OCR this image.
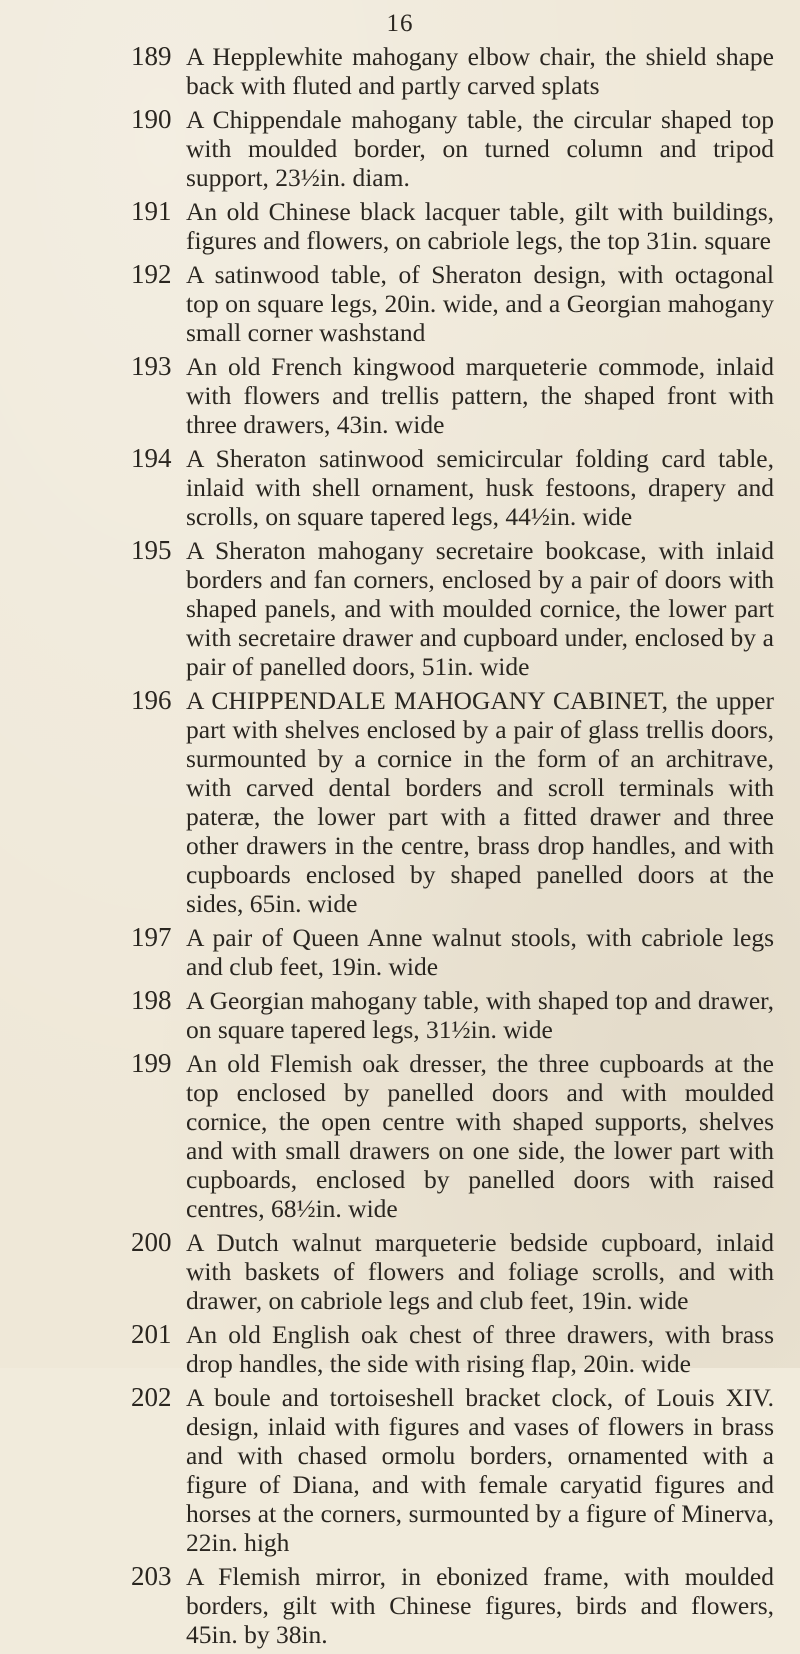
16
189 A Hepplewhite mahogany elbow chair, the shield shape back with fluted and partly carved splats
190 A Chippendale mahogany table, the circular shaped top with moulded border, on turned column and tripod support, 23½in. diam.
191 An old Chinese black lacquer table, gilt with buildings, figures and flowers, on cabriole legs, the top 31in. square
192 A satinwood table, of Sheraton design, with octagonal top on square legs, 20in. wide, and a Georgian mahogany small corner washstand
193 An old French kingwood marqueterie commode, inlaid with flowers and trellis pattern, the shaped front with three drawers, 43in. wide
194 A Sheraton satinwood semicircular folding card table, inlaid with shell ornament, husk festoons, drapery and scrolls, on square tapered legs, 44½in. wide
195 A Sheraton mahogany secretaire bookcase, with inlaid borders and fan corners, enclosed by a pair of doors with shaped panels, and with moulded cornice, the lower part with secretaire drawer and cupboard under, enclosed by a pair of panelled doors, 51in. wide
196 A CHIPPENDALE MAHOGANY CABINET, the upper part with shelves enclosed by a pair of glass trellis doors, surmounted by a cornice in the form of an architrave, with carved dental borders and scroll terminals with pateræ, the lower part with a fitted drawer and three other drawers in the centre, brass drop handles, and with cupboards enclosed by shaped panelled doors at the sides, 65in. wide
197 A pair of Queen Anne walnut stools, with cabriole legs and club feet, 19in. wide
198 A Georgian mahogany table, with shaped top and drawer, on square tapered legs, 31½in. wide
199 An old Flemish oak dresser, the three cupboards at the top enclosed by panelled doors and with moulded cornice, the open centre with shaped supports, shelves and with small drawers on one side, the lower part with cupboards, enclosed by panelled doors with raised centres, 68½in. wide
200 A Dutch walnut marqueterie bedside cupboard, inlaid with baskets of flowers and foliage scrolls, and with drawer, on cabriole legs and club feet, 19in. wide
201 An old English oak chest of three drawers, with brass drop handles, the side with rising flap, 20in. wide
202 A boule and tortoiseshell bracket clock, of Louis XIV. design, inlaid with figures and vases of flowers in brass and with chased ormolu borders, ornamented with a figure of Diana, and with female caryatid figures and horses at the corners, surmounted by a figure of Minerva, 22in. high
203 A Flemish mirror, in ebonized frame, with moulded borders, gilt with Chinese figures, birds and flowers, 45in. by 38in.
